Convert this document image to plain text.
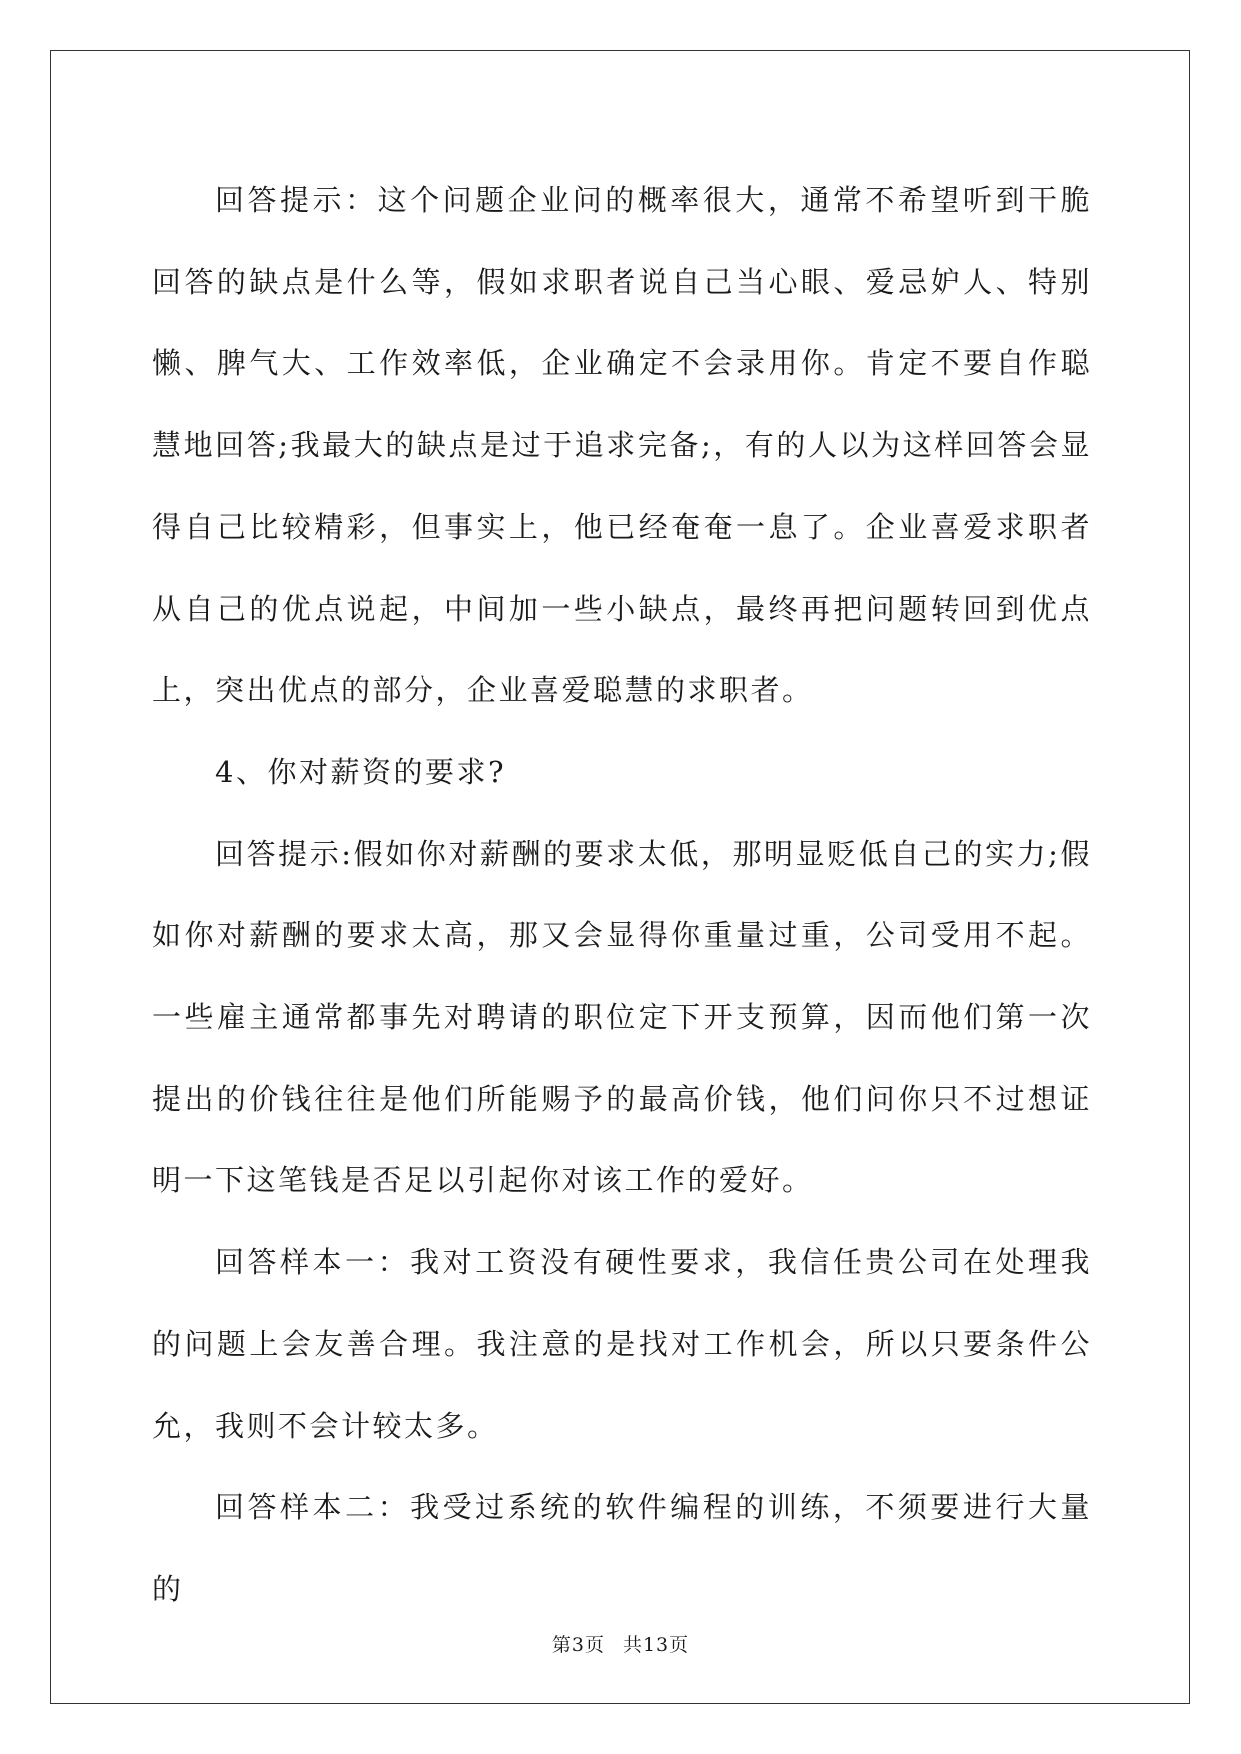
回答提示：这个问题企业问的概率很大，通常不希望听到干脆回答的缺点是什么等，假如求职者说自己当心眼、爱忌妒人、特别懒、脾气大、工作效率低，企业确定不会录用你。肯定不要自作聪慧地回答;我最大的缺点是过于追求完备;，有的人以为这样回答会显得自己比较精彩，但事实上，他已经奄奄一息了。企业喜爱求职者从自己的优点说起，中间加一些小缺点，最终再把问题转回到优点上，突出优点的部分，企业喜爱聪慧的求职者。

4、你对薪资的要求?

回答提示:假如你对薪酬的要求太低，那明显贬低自己的实力;假如你对薪酬的要求太高，那又会显得你重量过重，公司受用不起。一些雇主通常都事先对聘请的职位定下开支预算，因而他们第一次提出的价钱往往是他们所能赐予的最高价钱，他们问你只不过想证明一下这笔钱是否足以引起你对该工作的爱好。

回答样本一：我对工资没有硬性要求，我信任贵公司在处理我的问题上会友善合理。我注意的是找对工作机会，所以只要条件公允，我则不会计较太多。

回答样本二：我受过系统的软件编程的训练，不须要进行大量的

第3页 共13页
